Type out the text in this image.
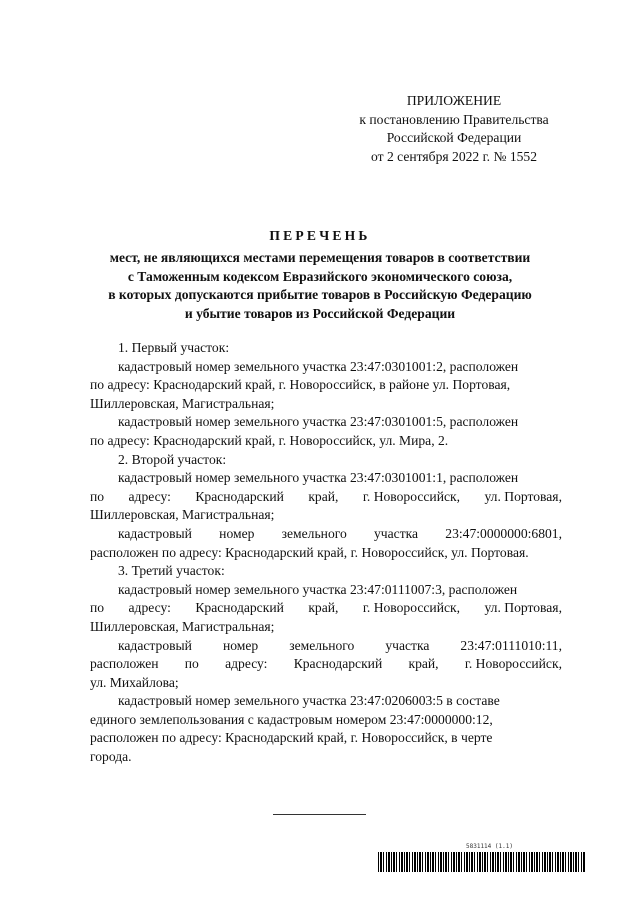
ПРИЛОЖЕНИЕ
к постановлению Правительства
Российской Федерации
от 2 сентября 2022 г. № 1552
ПЕРЕЧЕНЬ
мест, не являющихся местами перемещения товаров в соответствии
с Таможенным кодексом Евразийского экономического союза,
в которых допускаются прибытие товаров в Российскую Федерацию
и убытие товаров из Российской Федерации
1. Первый участок:
кадастровый номер земельного участка 23:47:0301001:2, расположен
по адресу: Краснодарский край, г. Новороссийск, в районе ул. Портовая,
Шиллеровская, Магистральная;
кадастровый номер земельного участка 23:47:0301001:5, расположен
по адресу: Краснодарский край, г. Новороссийск, ул. Мира, 2.
2. Второй участок:
кадастровый номер земельного участка 23:47:0301001:1, расположен
по адресу: Краснодарский край, г. Новороссийск, ул. Портовая,
Шиллеровская, Магистральная;
кадастровый номер земельного участка 23:47:0000000:6801,
расположен по адресу: Краснодарский край, г. Новороссийск, ул. Портовая.
3. Третий участок:
кадастровый номер земельного участка 23:47:0111007:3, расположен
по адресу: Краснодарский край, г. Новороссийск, ул. Портовая,
Шиллеровская, Магистральная;
кадастровый номер земельного участка 23:47:0111010:11,
расположен по адресу: Краснодарский край, г. Новороссийск,
ул. Михайлова;
кадастровый номер земельного участка 23:47:0206003:5 в составе
единого землепользования с кадастровым номером 23:47:0000000:12,
расположен по адресу: Краснодарский край, г. Новороссийск, в черте
города.
5831114 (1.1)
